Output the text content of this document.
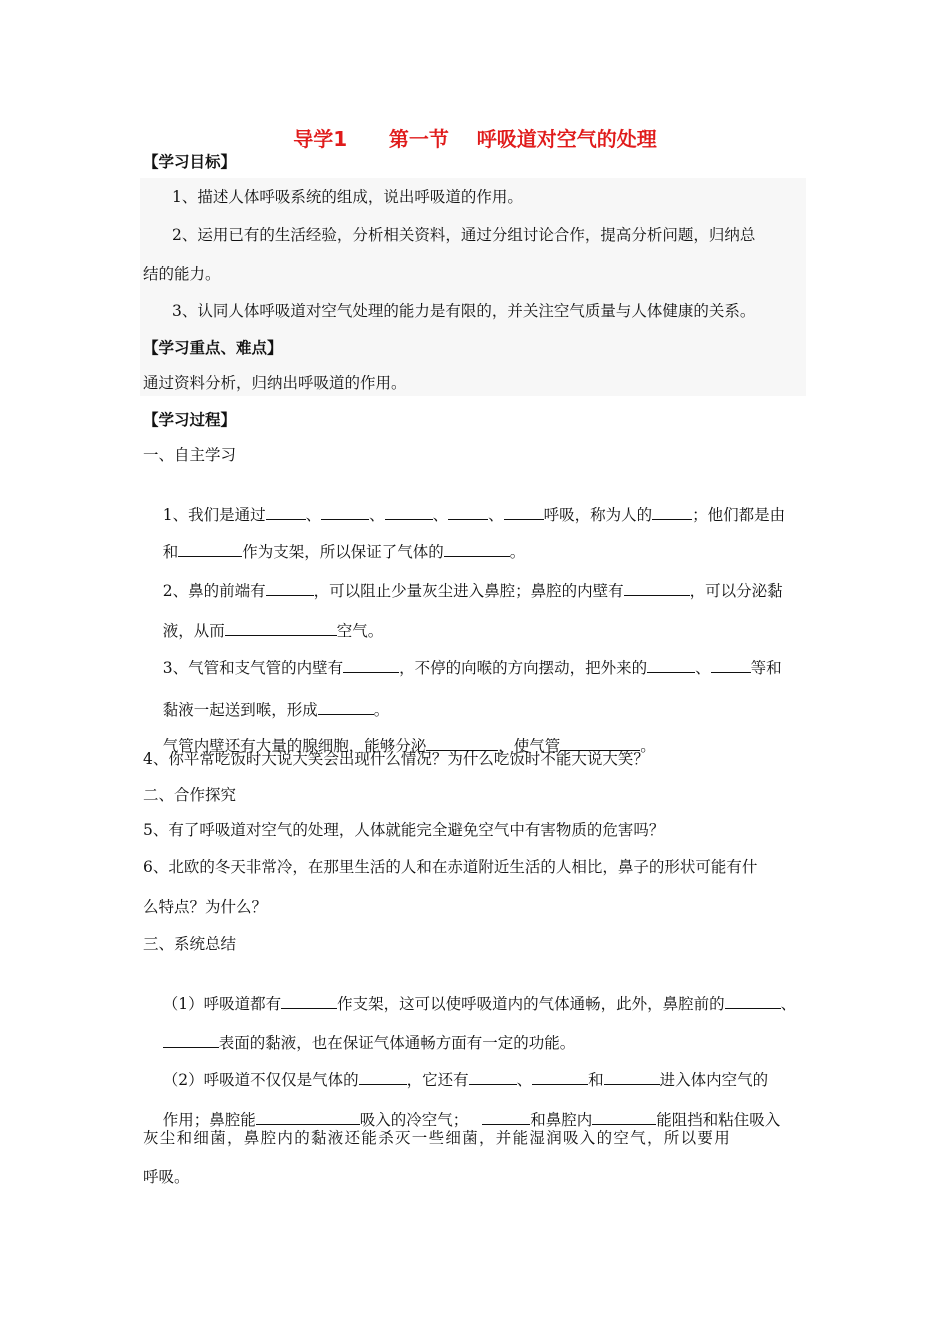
导学1      第一节    呼吸道对空气的处理
【学习目标】
1、描述人体呼吸系统的组成，说出呼吸道的作用。
2、运用已有的生活经验，分析相关资料，通过分组讨论合作，提高分析问题，归纳总
结的能力。
3、认同人体呼吸道对空气处理的能力是有限的，并关注空气质量与人体健康的关系。
【学习重点、难点】
通过资料分析，归纳出呼吸道的作用。
【学习过程】
一、自主学习

1、我们是通过	、	、	、	、	呼吸，称为人的	；他们都是由

和	作为支架，所以保证了气体的	。

2、鼻的前端有	，可以阻止少量灰尘进入鼻腔；鼻腔的内壁有	，可以分泌黏

液，从而	空气。

3、气管和支气管的内壁有	，不停的向喉的方向摆动，把外来的	、	等和

黏液一起送到喉，形成	。

气管内壁还有大量的腺细胞，能够分泌	，使气管	。

4、你平常吃饭时大说大笑会出现什么情况？为什么吃饭时不能大说大笑？
二、合作探究
5、有了呼吸道对空气的处理，人体就能完全避免空气中有害物质的危害吗？
6、北欧的冬天非常冷，在那里生活的人和在赤道附近生活的人相比，鼻子的形状可能有什
么特点？为什么？
三、系统总结

（1）呼吸道都有	作支架，这可以使呼吸道内的气体通畅，此外，鼻腔前的	、

表面的黏液，也在保证气体通畅方面有一定的功能。

（2）呼吸道不仅仅是气体的	，它还有	、	和	进入体内空气的

作用；鼻腔能	吸入的冷空气；	和鼻腔内	能阻挡和粘住吸入

灰尘和细菌，鼻腔内的黏液还能杀灭一些细菌，并能湿润吸入的空气，所以要用
呼吸。
